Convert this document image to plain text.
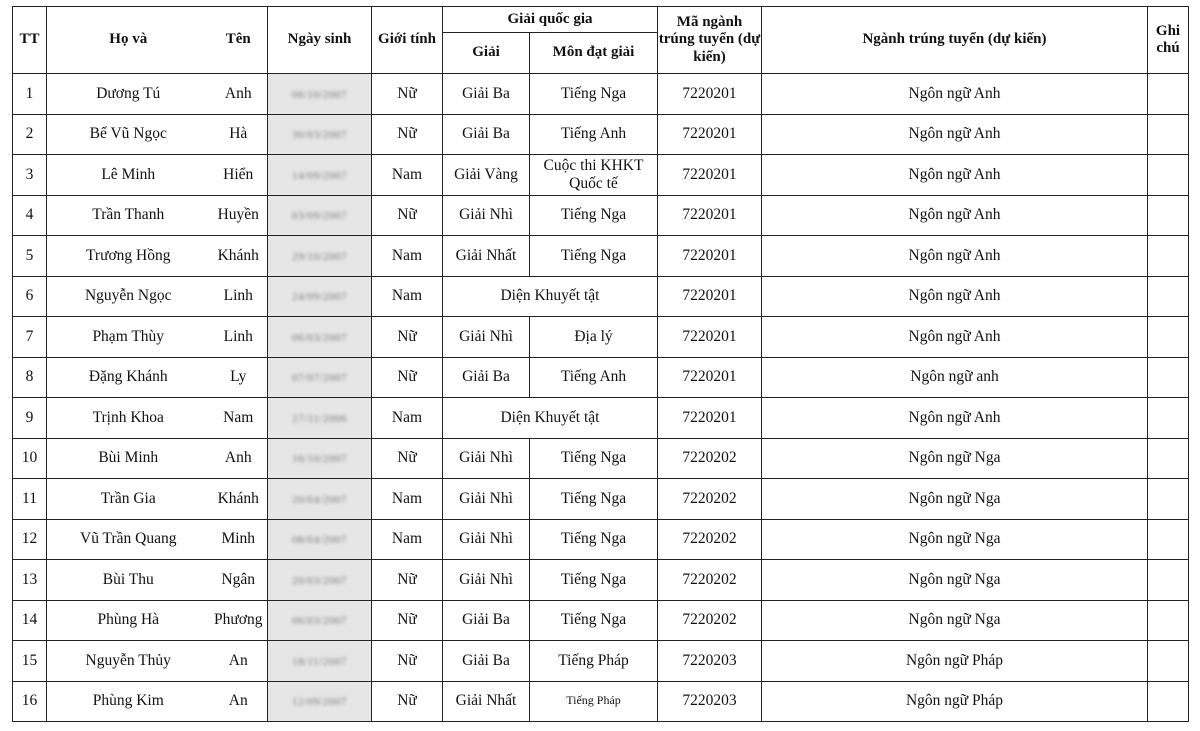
TT	Họ và	Tên	Ngày sinh	Giới tính	Giải quốc gia		Mã ngành trúng tuyển (dự kiến)	Ngành trúng tuyển (dự kiến)	Ghi chú
					Giải	Môn đạt giải			
1	Dương Tú	Anh	06/10/2007	Nữ	Giải Ba	Tiếng Nga	7220201	Ngôn ngữ Anh	
2	Bế Vũ Ngọc	Hà	30/03/2007	Nữ	Giải Ba	Tiếng Anh	7220201	Ngôn ngữ Anh	
3	Lê Minh	Hiển	14/09/2007	Nam	Giải Vàng	Cuộc thi KHKT Quốc tế	7220201	Ngôn ngữ Anh	
4	Trần Thanh	Huyền	03/09/2007	Nữ	Giải Nhì	Tiếng Nga	7220201	Ngôn ngữ Anh	
5	Trương Hồng	Khánh	29/10/2007	Nam	Giải Nhất	Tiếng Nga	7220201	Ngôn ngữ Anh	
6	Nguyễn Ngọc	Linh	24/09/2007	Nam	Diện Khuyết tật		7220201	Ngôn ngữ Anh	
7	Phạm Thùy	Linh	06/03/2007	Nữ	Giải Nhì	Địa lý	7220201	Ngôn ngữ Anh	
8	Đặng Khánh	Ly	07/07/2007	Nữ	Giải Ba	Tiếng Anh	7220201	Ngôn ngữ anh	
9	Trịnh Khoa	Nam	27/11/2006	Nam	Diện Khuyết tật		7220201	Ngôn ngữ Anh	
10	Bùi Minh	Anh	16/10/2007	Nữ	Giải Nhì	Tiếng Nga	7220202	Ngôn ngữ Nga	
11	Trần Gia	Khánh	20/04/2007	Nam	Giải Nhì	Tiếng Nga	7220202	Ngôn ngữ Nga	
12	Vũ Trần Quang	Minh	08/04/2007	Nam	Giải Nhì	Tiếng Nga	7220202	Ngôn ngữ Nga	
13	Bùi Thu	Ngân	20/03/2007	Nữ	Giải Nhì	Tiếng Nga	7220202	Ngôn ngữ Nga	
14	Phùng Hà	Phương	06/03/2007	Nữ	Giải Ba	Tiếng Nga	7220202	Ngôn ngữ Nga	
15	Nguyễn Thủy	An	18/11/2007	Nữ	Giải Ba	Tiếng Pháp	7220203	Ngôn ngữ Pháp	
16	Phùng Kim	An	12/09/2007	Nữ	Giải Nhất	Tiếng Pháp	7220203	Ngôn ngữ Pháp	
